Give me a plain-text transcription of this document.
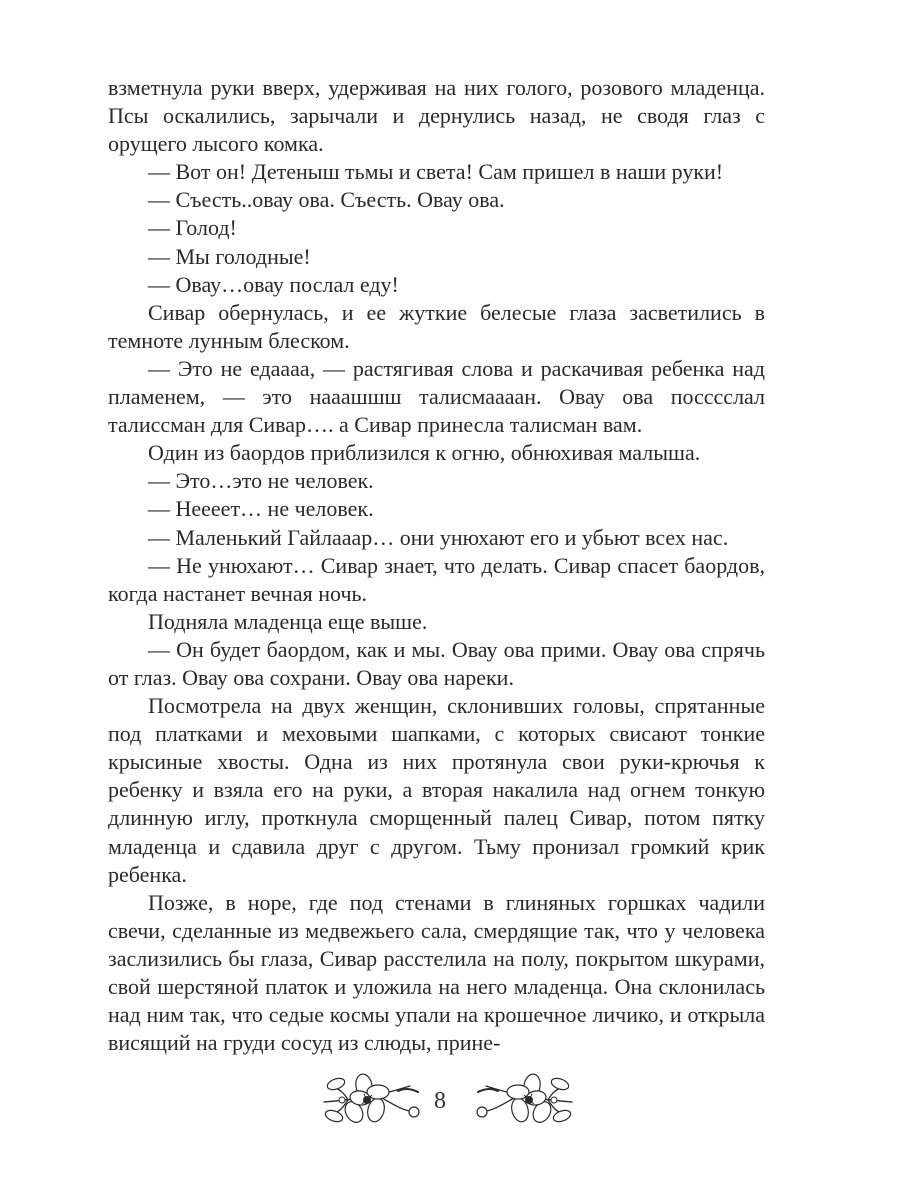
взметнула руки вверх, удерживая на них голого, розового младенца. Псы оскалились, зарычали и дернулись назад, не сводя глаз с орущего лысого комка.

— Вот он! Детеныш тьмы и света! Сам пришел в наши руки!

— Съесть..овау ова. Съесть. Овау ова.

— Голод!

— Мы голодные!

— Овау…овау послал еду!

Сивар обернулась, и ее жуткие белесые глаза засветились в темноте лунным блеском.

— Это не едаааа, — растягивая слова и раскачивая ребенка над пламенем, — это нааашшш талисмаааан. Овау ова посссслал талиссман для Сивар…. а Сивар принесла талисман вам.

Один из баордов приблизился к огню, обнюхивая малыша.

— Это…это не человек.

— Неееет… не человек.

— Маленький Гайлааар… они унюхают его и убьют всех нас.

— Не унюхают… Сивар знает, что делать. Сивар спасет баордов, когда настанет вечная ночь.

Подняла младенца еще выше.

— Он будет баордом, как и мы. Овау ова прими. Овау ова спрячь от глаз. Овау ова сохрани. Овау ова нареки.

Посмотрела на двух женщин, склонивших головы, спрятанные под платками и меховыми шапками, с которых свисают тонкие крысиные хвосты. Одна из них протянула свои руки-крючья к ребенку и взяла его на руки, а вторая накалила над огнем тонкую длинную иглу, проткнула сморщенный палец Сивар, потом пятку младенца и сдавила друг с другом. Тьму пронизал громкий крик ребенка.

Позже, в норе, где под стенами в глиняных горшках чадили свечи, сделанные из медвежьего сала, смердящие так, что у человека заслизились бы глаза, Сивар расстелила на полу, покрытом шкурами, свой шерстяной платок и уложила на него младенца. Она склонилась над ним так, что седые космы упали на крошечное личико, и открыла висящий на груди сосуд из слюды, прине-

8
